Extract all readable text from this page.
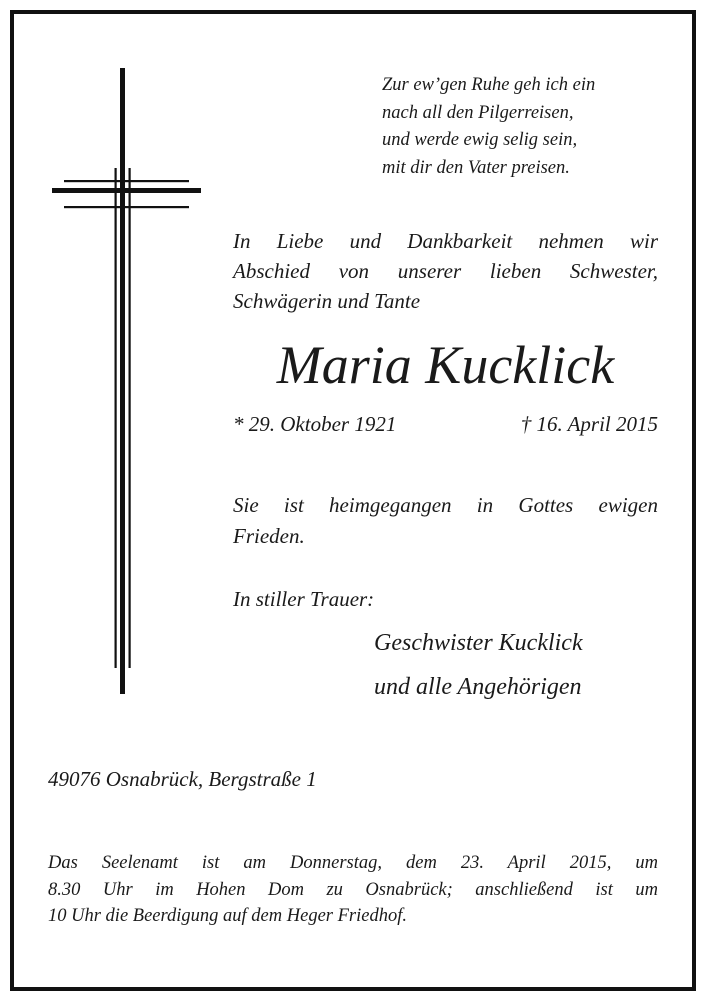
Zur ew’gen Ruhe geh ich ein
nach all den Pilgerreisen,
und werde ewig selig sein,
mit dir den Vater preisen.
In Liebe und Dankbarkeit nehmen wir
Abschied von unserer lieben Schwester,
Schwägerin und Tante
Maria Kucklick
* 29. Oktober 1921	† 16. April 2015
Sie ist heimgegangen in Gottes ewigen
Frieden.
In stiller Trauer:
Geschwister Kucklick
und alle Angehörigen
49076 Osnabrück, Bergstraße 1
Das Seelenamt ist am Donnerstag, dem 23. April 2015, um
8.30 Uhr im Hohen Dom zu Osnabrück; anschließend ist um
10 Uhr die Beerdigung auf dem Heger Friedhof.
